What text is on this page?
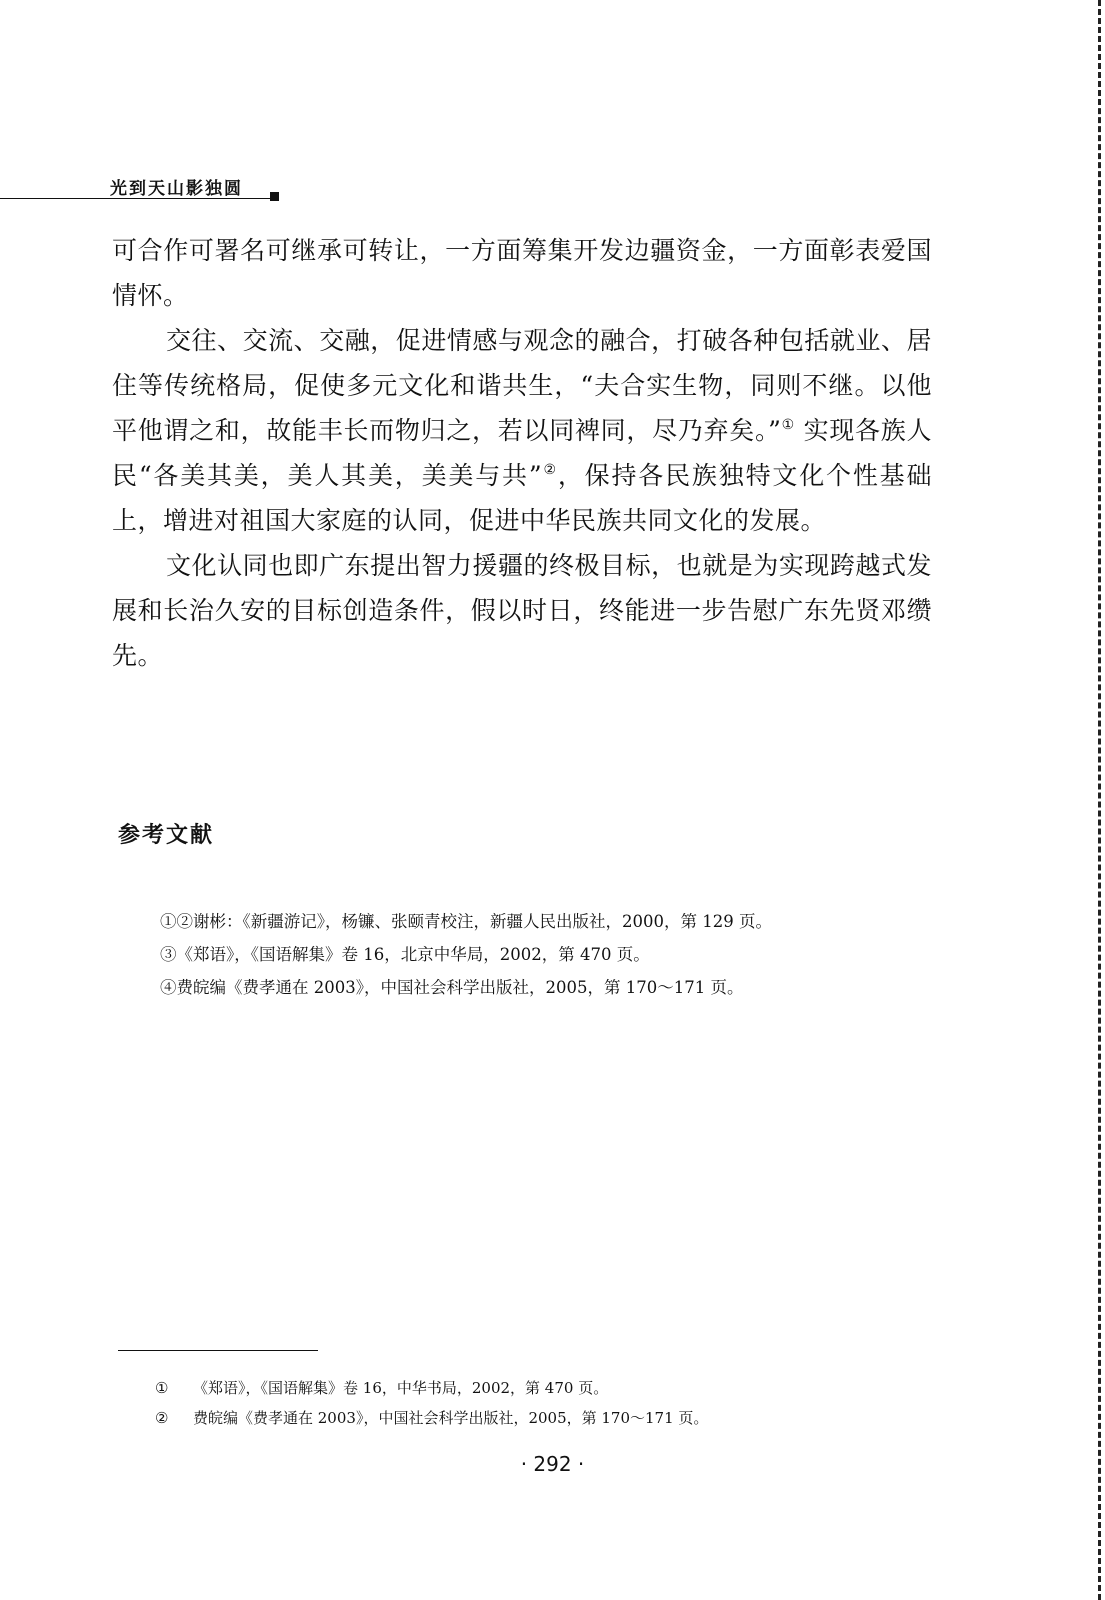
光到天山影独圆

可合作可署名可继承可转让，一方面筹集开发边疆资金，一方面彰表爱国情怀。

交往、交流、交融，促进情感与观念的融合，打破各种包括就业、居住等传统格局，促使多元文化和谐共生，“夫合实生物，同则不继。以他平他谓之和，故能丰长而物归之，若以同裨同，尽乃弃矣。”① 实现各族人民“各美其美，美人其美，美美与共”②，保持各民族独特文化个性基础上，增进对祖国大家庭的认同，促进中华民族共同文化的发展。

文化认同也即广东提出智力援疆的终极目标，也就是为实现跨越式发展和长治久安的目标创造条件，假以时日，终能进一步告慰广东先贤邓缵先。

参考文献
①②谢彬：《新疆游记》，杨镰、张颐青校注，新疆人民出版社，2000，第 129 页。
③《郑语》，《国语解集》卷 16，北京中华局，2002，第 470 页。
④费皖编《费孝通在 2003》，中国社会科学出版社，2005，第 170～171 页。
① 《郑语》，《国语解集》卷 16，中华书局，2002，第 470 页。
② 费皖编《费孝通在 2003》，中国社会科学出版社，2005，第 170～171 页。
· 292 ·
